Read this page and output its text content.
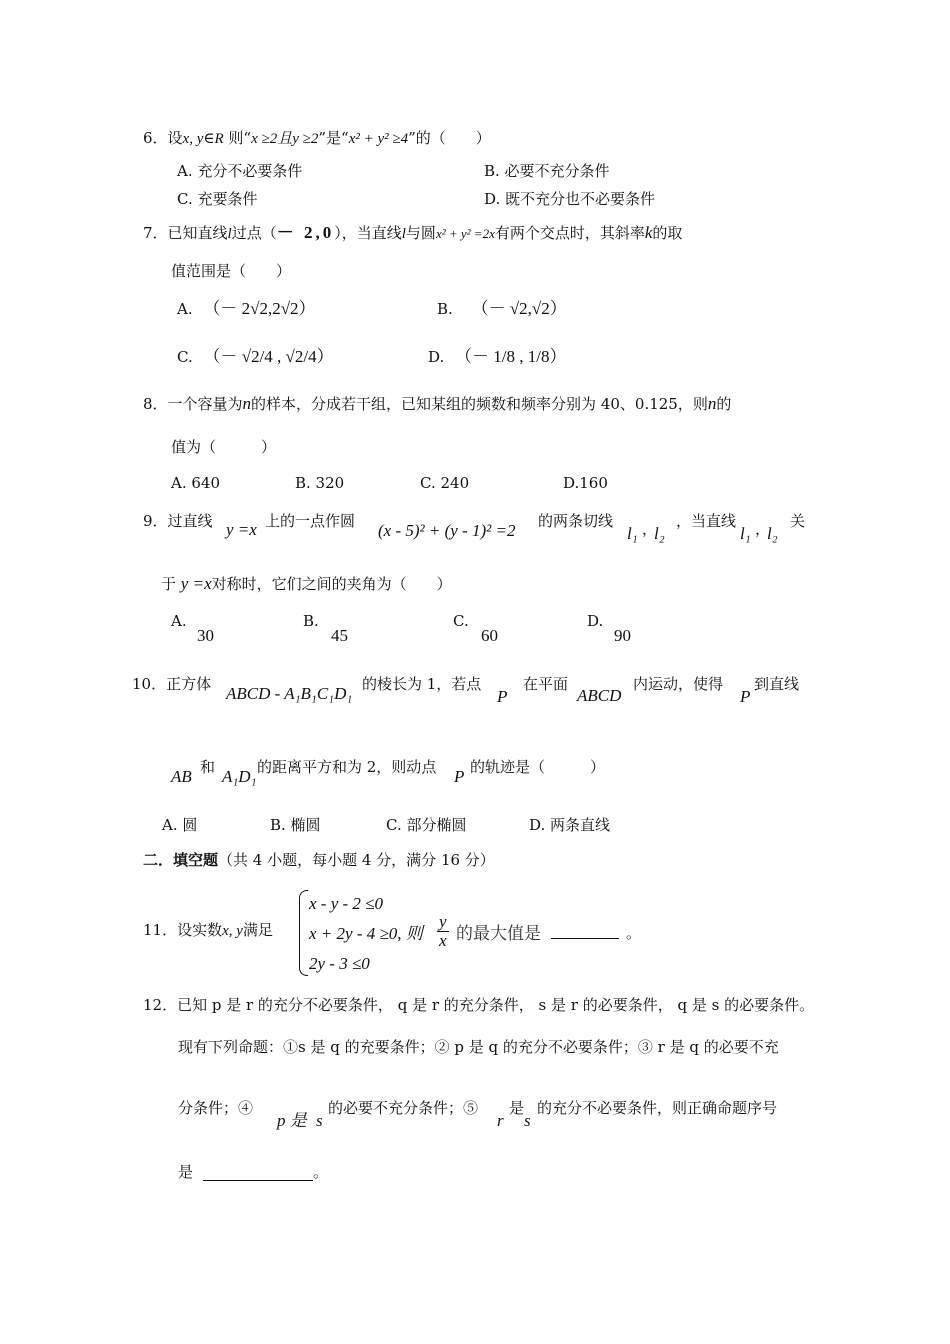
6．设x, y∈R 则“x ≥2且y ≥2”是“x² + y² ≥4”的（　　）
A. 充分不必要条件	B. 必要不充分条件
C. 充要条件	D. 既不充分也不必要条件
7．已知直线l过点（－ 2,0），当直线l与圆x² + y² =2x有两个交点时，其斜率k的取
值范围是（　　）
A. （－ 2√2,2√2）	B. （－ √2,√2）
C. （－ √2/4 , √2/4）	D. （－ 1/8 , 1/8）
8．一个容量为n的样本，分成若干组，已知某组的频数和频率分别为 40、0.125，则n的
值为（　　　）
A. 640	B. 320	C. 240	D.160
9．过直线 y =x 上的一点作圆 (x - 5)² + (y - 1)² =2 的两条切线
l₁ ，
l₂
，当直线
l₁ ，
l₂
关
于 y =x对称时，它们之间的夹角为（　　）
A.
30
B.
45
C.
60
D.
90
10．正方体 ABCD - A₁B₁C₁D₁ 的棱长为 1，若点
P
在平面
ABCD
内运动，使得
P
到直线
AB 和 A₁D₁ 的距离平方和为 2，则动点 P 的轨迹是（　　　）
A. 圆	B. 椭圆	C. 部分椭圆	D. 两条直线
二．填空题（共 4 小题，每小题 4 分，满分 16 分）
11．设实数x, y满足
x - y - 2 ≤0
x + 2y - 4 ≥0, 则
2y - 3 ≤0
$\frac{y}{x}$ 的最大值是	。
12．已知 p 是 r 的充分不必要条件， q 是 r 的充分条件， s 是 r 的必要条件， q 是 s 的必要条件。
现有下列命题：①s 是 q 的充要条件；② p 是 q 的充分不必要条件；③ r 是 q 的必要不充
分条件；④
p 是 s
的必要不充分条件；⑤
r
是
s
的充分不必要条件，则正确命题序号
是	。
